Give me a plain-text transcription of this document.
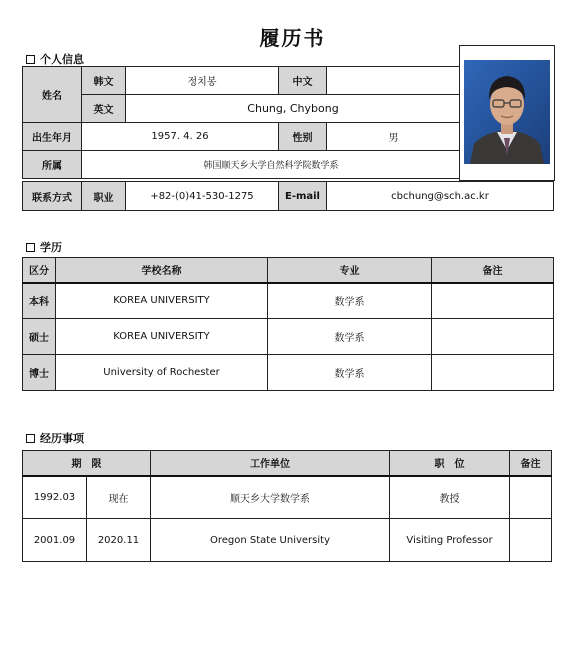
履历书
个人信息
姓名	韩文	정치봉	中文	
	英文	Chung, Chybong		
出生年月	1957. 4. 26		性别	男
所属	韩国顺天乡大学自然科学院数学系			
联系方式	职业	+82-(0)41-530-1275	E-mail	cbchung@sch.ac.kr
学历
区分	学校名称	专业	备注
本科	KOREA UNIVERSITY	数学系	
硕士	KOREA UNIVERSITY	数学系	
博士	University of Rochester	数学系	
经历事项
期　限		工作单位	职　位	备注
1992.03	现在	顺天乡大学数学系	教授	
2001.09	2020.11	Oregon State University	Visiting Professor	
